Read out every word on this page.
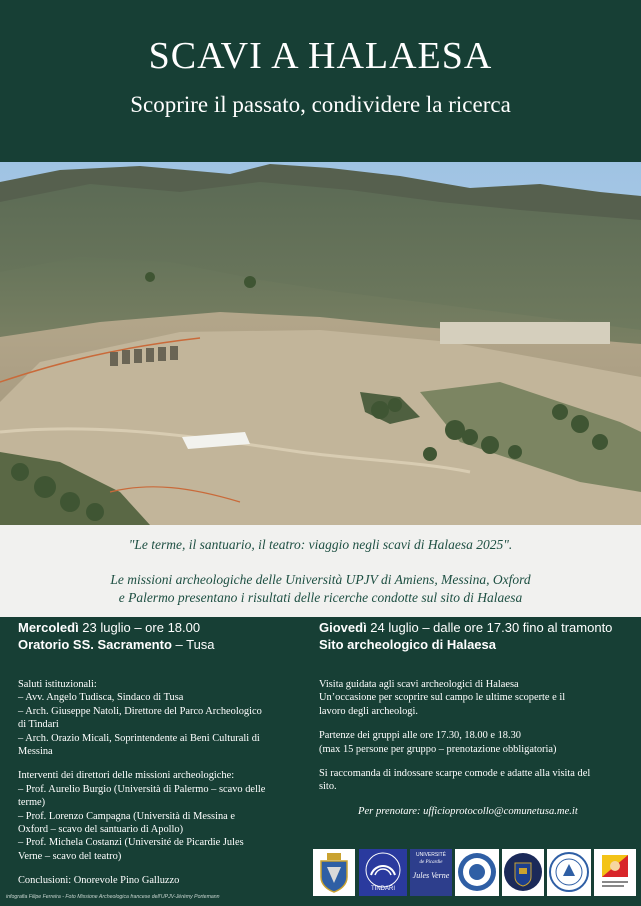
SCAVI A HALAESA
Scoprire il passato, condividere la ricerca
"Le terme, il santuario, il teatro: viaggio negli scavi di Halaesa 2025".
Le missioni archeologiche delle Università UPJV di Amiens, Messina, Oxford
e Palermo presentano i risultati delle ricerche condotte sul sito di Halaesa
Mercoledì 23 luglio – ore 18.00
Oratorio SS. Sacramento – Tusa
Giovedì 24 luglio – dalle ore 17.30 fino al tramonto
Sito archeologico di Halaesa

Saluti istituzionali:
– Avv. Angelo Tudisca, Sindaco di Tusa
– Arch. Giuseppe Natoli, Direttore del Parco Archeologico
di Tindari
– Arch. Orazio Micali, Soprintendente ai Beni Culturali di
Messina

Interventi dei direttori delle missioni archeologiche:
– Prof. Aurelio Burgio (Università di Palermo – scavo delle
terme)
– Prof. Lorenzo Campagna (Università di Messina e
Oxford – scavo del santuario di Apollo)
– Prof. Michela Costanzi (Université de Picardie Jules
Verne – scavo del teatro)

Conclusioni: Onorevole Pino Galluzzo

Visita guidata agli scavi archeologici di Halaesa
Un’occasione per scoprire sul campo le ultime scoperte e il
lavoro degli archeologi.

Partenze dei gruppi alle ore 17.30, 18.00 e 18.30
(max 15 persone per gruppo – prenotazione obbligatoria)

Si raccomanda di indossare scarpe comode e adatte alla visita del
sito.

Per prenotare: ufficioprotocollo@comunetusa.me.it
TINDARI
UNIVERSITÉ
de Picardie
Jules Verne
infografia Filipe Ferreira - Foto Missione Archeologica francese dell’UPJV-Jérémy Portemann
